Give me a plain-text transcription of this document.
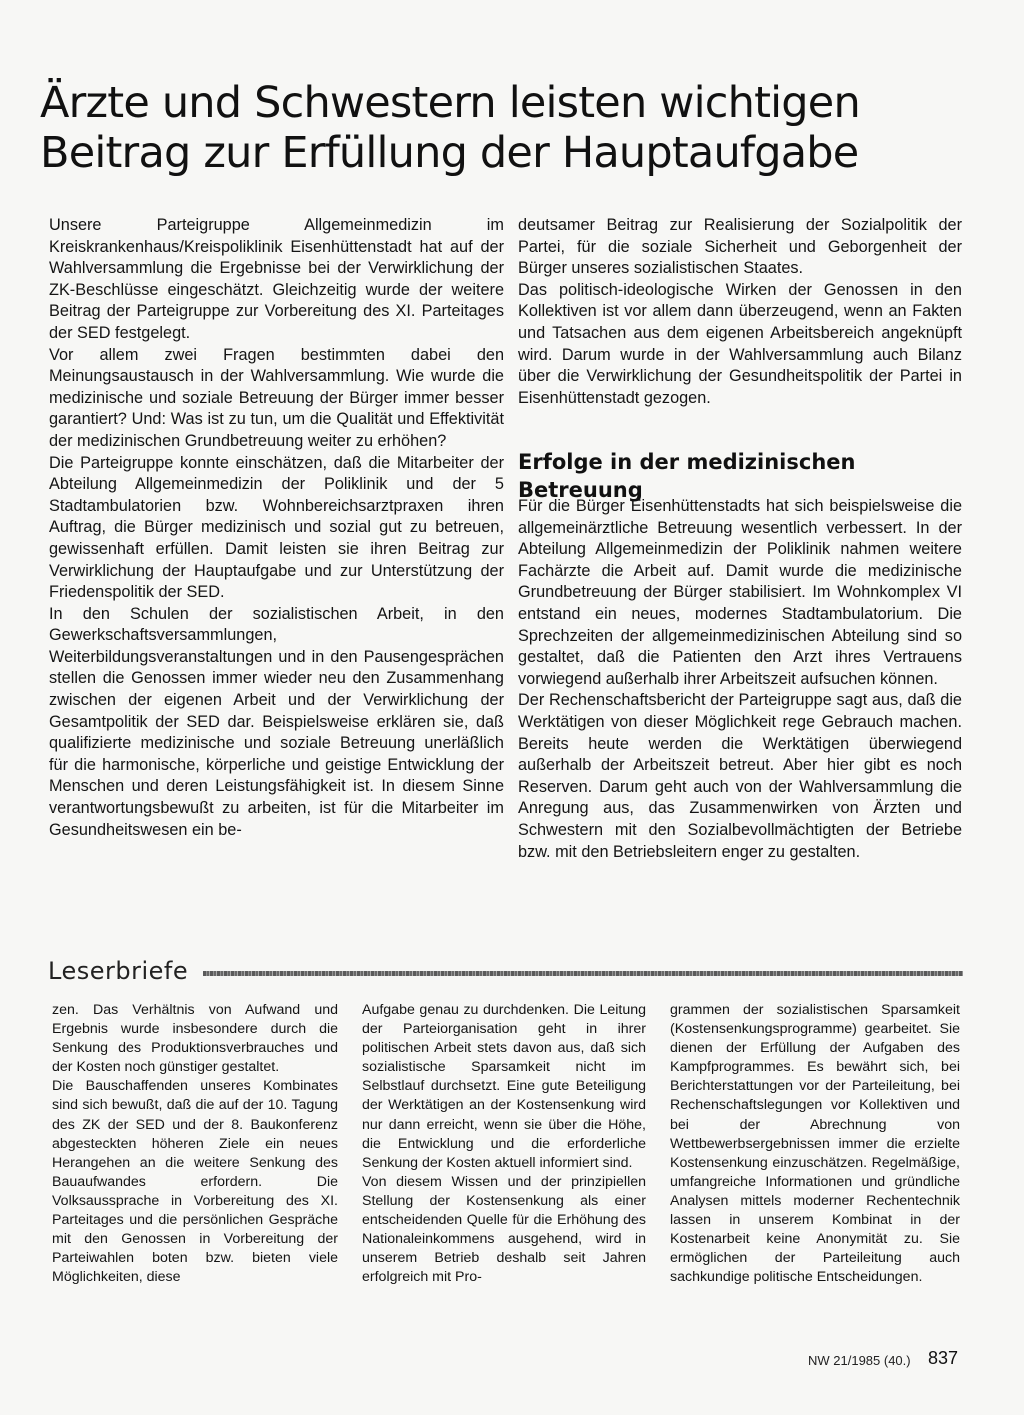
Ärzte und Schwestern leisten wichtigen
Beitrag zur Erfüllung der Hauptaufgabe

Unsere Parteigruppe Allgemeinmedizin im Kreiskrankenhaus/Kreispoliklinik Eisenhüttenstadt hat auf der Wahlversammlung die Ergebnisse bei der Verwirklichung der ZK-Beschlüsse eingeschätzt. Gleichzeitig wurde der weitere Beitrag der Parteigruppe zur Vorbereitung des XI. Parteitages der SED festgelegt.

Vor allem zwei Fragen bestimmten dabei den Meinungsaustausch in der Wahlversammlung. Wie wurde die medizinische und soziale Betreuung der Bürger immer besser garantiert? Und: Was ist zu tun, um die Qualität und Effektivität der medizinischen Grundbetreuung weiter zu erhöhen?

Die Parteigruppe konnte einschätzen, daß die Mitarbeiter der Abteilung Allgemeinmedizin der Poliklinik und der 5 Stadtambulatorien bzw. Wohnbereichsarztpraxen ihren Auftrag, die Bürger medizinisch und sozial gut zu betreuen, gewissenhaft erfüllen. Damit leisten sie ihren Beitrag zur Verwirklichung der Hauptaufgabe und zur Unterstützung der Friedenspolitik der SED.

In den Schulen der sozialistischen Arbeit, in den Gewerkschaftsversammlungen, Weiterbildungsveranstaltungen und in den Pausengesprächen stellen die Genossen immer wieder neu den Zusammenhang zwischen der eigenen Arbeit und der Verwirklichung der Gesamtpolitik der SED dar. Beispielsweise erklären sie, daß qualifizierte medizinische und soziale Betreuung unerläßlich für die harmonische, körperliche und geistige Entwicklung der Menschen und deren Leistungsfähigkeit ist. In diesem Sinne verantwortungsbewußt zu arbeiten, ist für die Mitarbeiter im Gesundheitswesen ein be-

deutsamer Beitrag zur Realisierung der Sozialpolitik der Partei, für die soziale Sicherheit und Geborgenheit der Bürger unseres sozialistischen Staates.

Das politisch-ideologische Wirken der Genossen in den Kollektiven ist vor allem dann überzeugend, wenn an Fakten und Tatsachen aus dem eigenen Arbeitsbereich angeknüpft wird. Darum wurde in der Wahlversammlung auch Bilanz über die Verwirklichung der Gesundheitspolitik der Partei in Eisenhüttenstadt gezogen.

Erfolge in der medizinischen Betreuung

Für die Bürger Eisenhüttenstadts hat sich beispielsweise die allgemeinärztliche Betreuung wesentlich verbessert. In der Abteilung Allgemeinmedizin der Poliklinik nahmen weitere Fachärzte die Arbeit auf. Damit wurde die medizinische Grundbetreuung der Bürger stabilisiert. Im Wohnkomplex VI entstand ein neues, modernes Stadtambulatorium. Die Sprechzeiten der allgemeinmedizinischen Abteilung sind so gestaltet, daß die Patienten den Arzt ihres Vertrauens vorwiegend außerhalb ihrer Arbeitszeit aufsuchen können.

Der Rechenschaftsbericht der Parteigruppe sagt aus, daß die Werktätigen von dieser Möglichkeit rege Gebrauch machen. Bereits heute werden die Werktätigen überwiegend außerhalb der Arbeitszeit betreut. Aber hier gibt es noch Reserven. Darum geht auch von der Wahlversammlung die Anregung aus, das Zusammenwirken von Ärzten und Schwestern mit den Sozialbevollmächtigten der Betriebe bzw. mit den Betriebsleitern enger zu gestalten.

Leserbriefe

zen. Das Verhältnis von Aufwand und Ergebnis wurde insbesondere durch die Senkung des Produktionsverbrauches und der Kosten noch günstiger gestaltet.

Die Bauschaffenden unseres Kombinates sind sich bewußt, daß die auf der 10. Tagung des ZK der SED und der 8. Baukonferenz abgesteckten höheren Ziele ein neues Herangehen an die weitere Senkung des Bauaufwandes erfordern. Die Volksaussprache in Vorbereitung des XI. Parteitages und die persönlichen Gespräche mit den Genossen in Vorbereitung der Parteiwahlen boten bzw. bieten viele Möglichkeiten, diese

Aufgabe genau zu durchdenken. Die Leitung der Parteiorganisation geht in ihrer politischen Arbeit stets davon aus, daß sich sozialistische Sparsamkeit nicht im Selbstlauf durchsetzt. Eine gute Beteiligung der Werktätigen an der Kostensenkung wird nur dann erreicht, wenn sie über die Höhe, die Entwicklung und die erforderliche Senkung der Kosten aktuell informiert sind.

Von diesem Wissen und der prinzipiellen Stellung der Kostensenkung als einer entscheidenden Quelle für die Erhöhung des Nationaleinkommens ausgehend, wird in unserem Betrieb deshalb seit Jahren erfolgreich mit Pro-

grammen der sozialistischen Sparsamkeit (Kostensenkungsprogramme) gearbeitet. Sie dienen der Erfüllung der Aufgaben des Kampfprogrammes. Es bewährt sich, bei Berichterstattungen vor der Parteileitung, bei Rechenschaftslegungen vor Kollektiven und bei der Abrechnung von Wettbewerbsergebnissen immer die erzielte Kostensenkung einzuschätzen. Regelmäßige, umfangreiche Informationen und gründliche Analysen mittels moderner Rechentechnik lassen in unserem Kombinat in der Kostenarbeit keine Anonymität zu. Sie ermöglichen der Parteileitung auch sachkundige politische Entscheidungen.

NW 21/1985 (40.) 837
